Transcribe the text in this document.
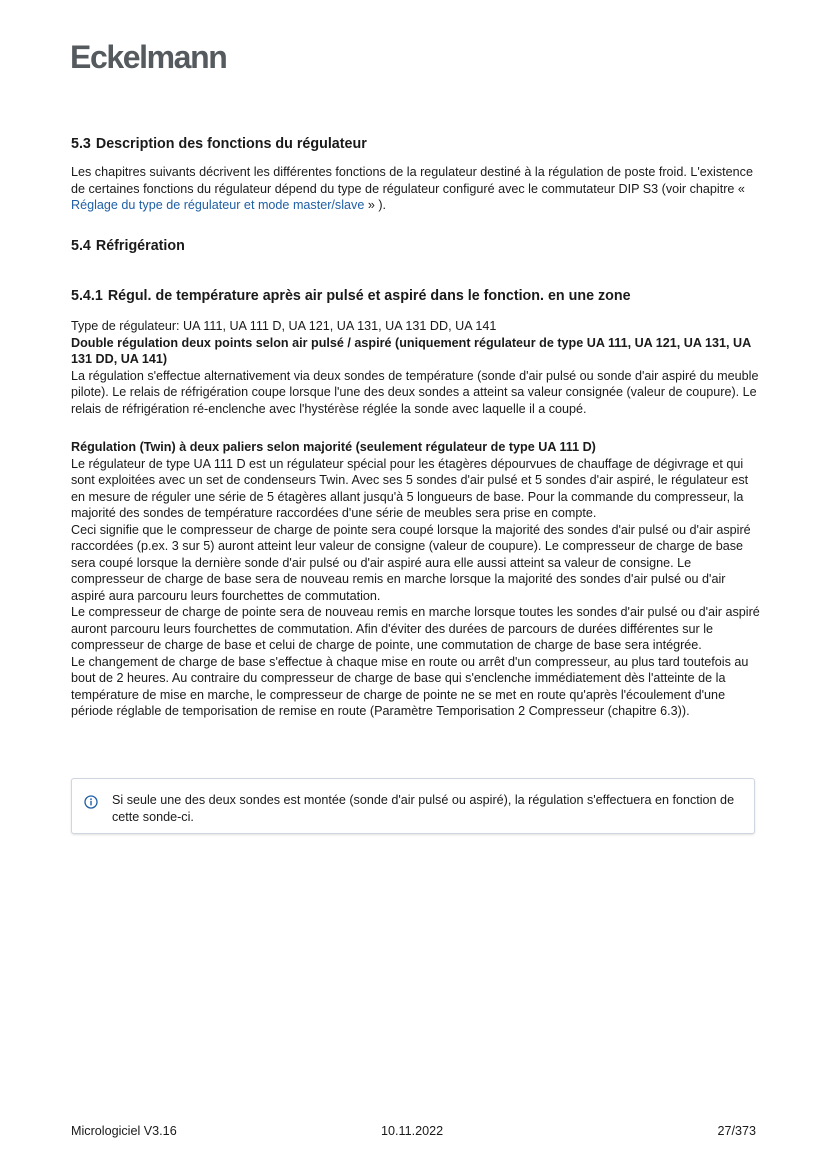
Eckelmann
5.3 Description des fonctions du régulateur

Les chapitres suivants décrivent les différentes fonctions de la regulateur destiné à la régulation de poste froid. L'existence de certaines fonctions du régulateur dépend du type de régulateur configuré avec le commutateur DIP S3 (voir chapitre « Réglage du type de régulateur et mode master/slave » ).

5.4 Réfrigération
5.4.1 Régul. de température après air pulsé et aspiré dans le fonction. en une zone

Type de régulateur: UA 111, UA 111 D, UA 121, UA 131, UA 131 DD, UA 141

Double régulation deux points selon air pulsé / aspiré (uniquement régulateur de type UA 111, UA 121, UA 131, UA 131 DD, UA 141)

La régulation s'effectue alternativement via deux sondes de température (sonde d'air pulsé ou sonde d'air aspiré du meuble pilote). Le relais de réfrigération coupe lorsque l'une des deux sondes a atteint sa valeur consignée (valeur de coupure). Le relais de réfrigération ré-enclenche avec l'hystérèse réglée la sonde avec laquelle il a coupé.

Régulation (Twin) à deux paliers selon majorité (seulement régulateur de type UA 111 D)

Le régulateur de type UA 111 D est un régulateur spécial pour les étagères dépourvues de chauffage de dégivrage et qui sont exploitées avec un set de condenseurs Twin. Avec ses 5 sondes d'air pulsé et 5 sondes d'air aspiré, le régulateur est en mesure de réguler une série de 5 étagères allant jusqu'à 5 longueurs de base. Pour la commande du compresseur, la majorité des sondes de température raccordées d'une série de meubles sera prise en compte.

Ceci signifie que le compresseur de charge de pointe sera coupé lorsque la majorité des sondes d'air pulsé ou d'air aspiré raccordées (p.ex. 3 sur 5) auront atteint leur valeur de consigne (valeur de coupure). Le compresseur de charge de base sera coupé lorsque la dernière sonde d'air pulsé ou d'air aspiré aura elle aussi atteint sa valeur de consigne. Le compresseur de charge de base sera de nouveau remis en marche lorsque la majorité des sondes d'air pulsé ou d'air aspiré aura parcouru leurs fourchettes de commutation.

Le compresseur de charge de pointe sera de nouveau remis en marche lorsque toutes les sondes d'air pulsé ou d'air aspiré auront parcouru leurs fourchettes de commutation. Afin d'éviter des durées de parcours de durées différentes sur le compresseur de charge de base et celui de charge de pointe, une commutation de charge de base sera intégrée.

Le changement de charge de base s'effectue à chaque mise en route ou arrêt d'un compresseur, au plus tard toutefois au bout de 2 heures. Au contraire du compresseur de charge de base qui s'enclenche immédiatement dès l'atteinte de la température de mise en marche, le compresseur de charge de pointe ne se met en route qu'après l'écoulement d'une période réglable de temporisation de remise en route (Paramètre Temporisation 2 Compresseur (chapitre 6.3)).

Si seule une des deux sondes est montée (sonde d'air pulsé ou aspiré), la régulation s'effectuera en fonction de cette sonde-ci.
Micrologiciel V3.16	10.11.2022	27/373
